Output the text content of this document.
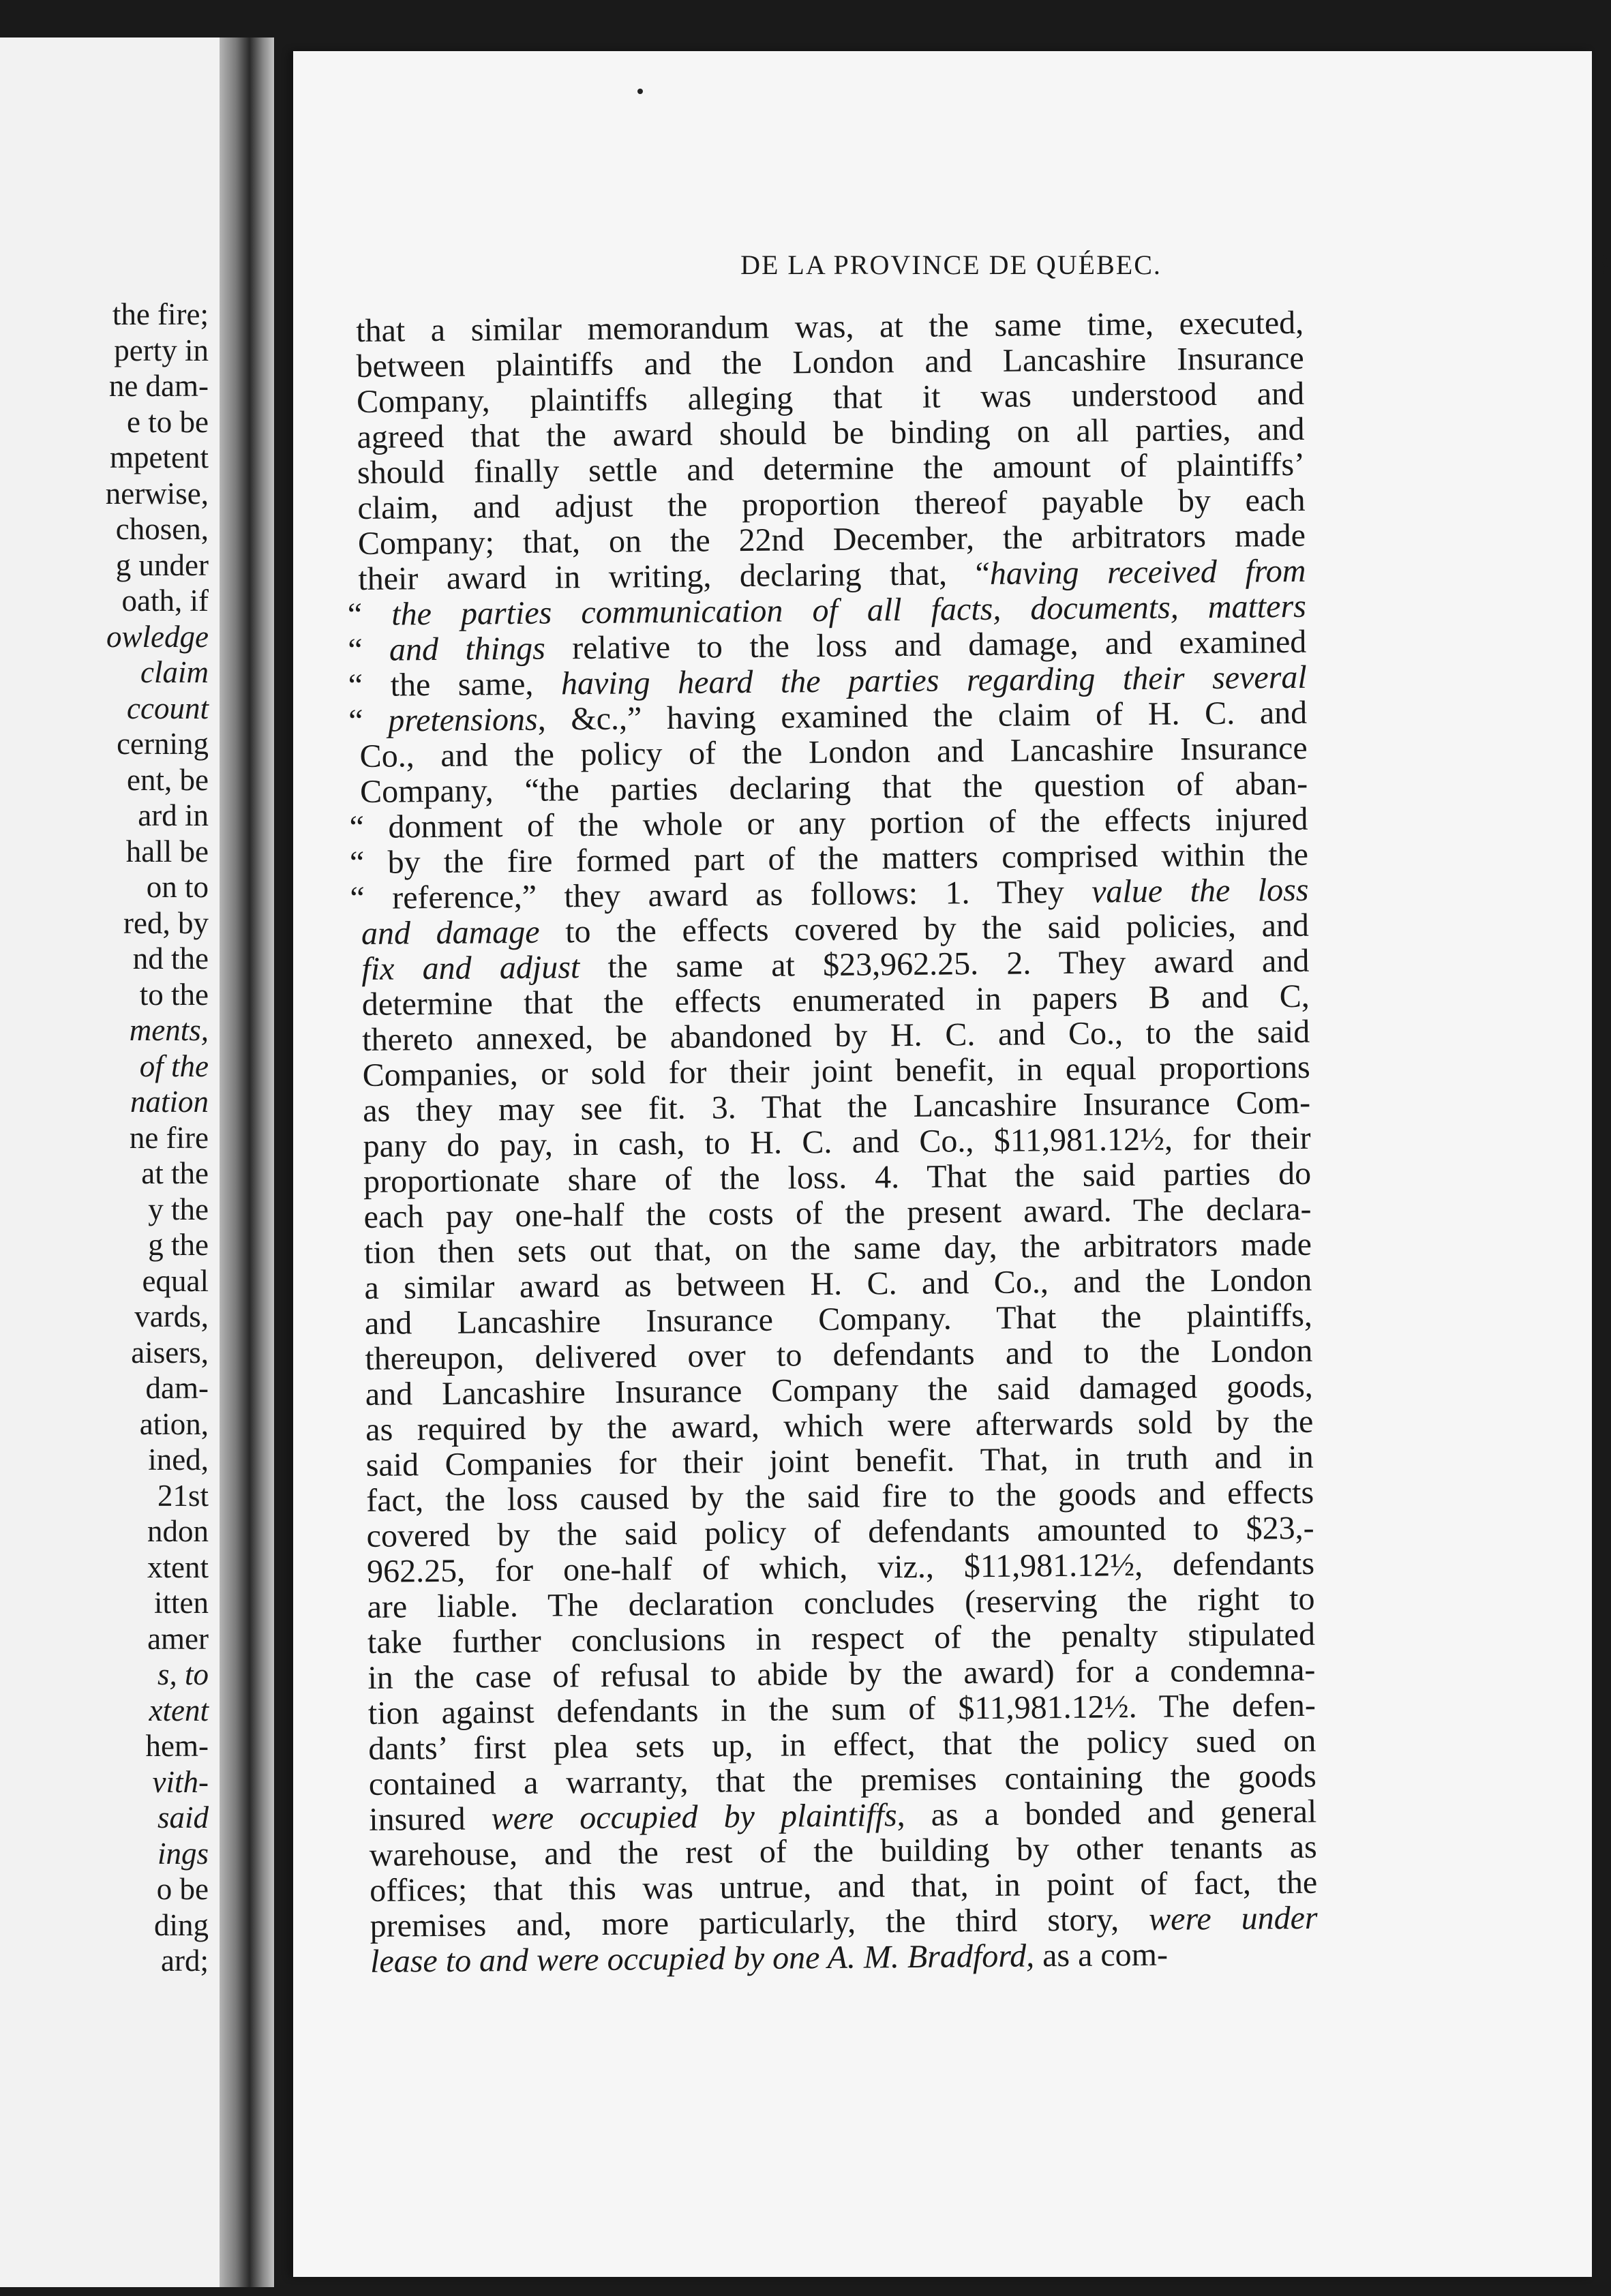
the fire;
perty in
ne dam-
e to be
mpetent
nerwise,
chosen,
g under
oath, if
owledge
claim
ccount
cerning
ent, be
ard in
hall be
on to
red, by
nd the
to the
ments,
of the
nation
ne fire
at the
y the
g the
equal
vards,
aisers,
dam-
ation,
ined,
21st
ndon
xtent
itten
amer
s, to
xtent
hem-
vith-
said
ings
o be
ding
ard;
DE LA PROVINCE DE QUÉBEC.	3
that a similar memorandum was, at the same time, executed,
between plaintiffs and the London and Lancashire Insurance
Company, plaintiffs alleging that it was understood and
agreed that the award should be binding on all parties, and
should finally settle and determine the amount of plaintiffs’
claim, and adjust the proportion thereof payable by each
Company; that, on the 22nd December, the arbitrators made
their award in writing, declaring that, “having received from
“ the parties communication of all facts, documents, matters
“ and things relative to the loss and damage, and examined
“ the same, having heard the parties regarding their several
“ pretensions, &c.,” having examined the claim of H. C. and
Co., and the policy of the London and Lancashire Insurance
Company, “the parties declaring that the question of aban-
“ donment of the whole or any portion of the effects injured
“ by the fire formed part of the matters comprised within the
“ reference,” they award as follows: 1. They value the loss
and damage to the effects covered by the said policies, and
fix and adjust the same at $23,962.25. 2. They award and
determine that the effects enumerated in papers B and C,
thereto annexed, be abandoned by H. C. and Co., to the said
Companies, or sold for their joint benefit, in equal proportions
as they may see fit. 3. That the Lancashire Insurance Com-
pany do pay, in cash, to H. C. and Co., $11,981.12½, for their
proportionate share of the loss. 4. That the said parties do
each pay one-half the costs of the present award. The declara-
tion then sets out that, on the same day, the arbitrators made
a similar award as between H. C. and Co., and the London
and Lancashire Insurance Company. That the plaintiffs,
thereupon, delivered over to defendants and to the London
and Lancashire Insurance Company the said damaged goods,
as required by the award, which were afterwards sold by the
said Companies for their joint benefit. That, in truth and in
fact, the loss caused by the said fire to the goods and effects
covered by the said policy of defendants amounted to $23,-
962.25, for one-half of which, viz., $11,981.12½, defendants
are liable. The declaration concludes (reserving the right to
take further conclusions in respect of the penalty stipulated
in the case of refusal to abide by the award) for a condemna-
tion against defendants in the sum of $11,981.12½. The defen-
dants’ first plea sets up, in effect, that the policy sued on
contained a warranty, that the premises containing the goods
insured were occupied by plaintiffs, as a bonded and general
warehouse, and the rest of the building by other tenants as
offices; that this was untrue, and that, in point of fact, the
premises and, more particularly, the third story, were under
lease to and were occupied by one A. M. Bradford, as a com-
